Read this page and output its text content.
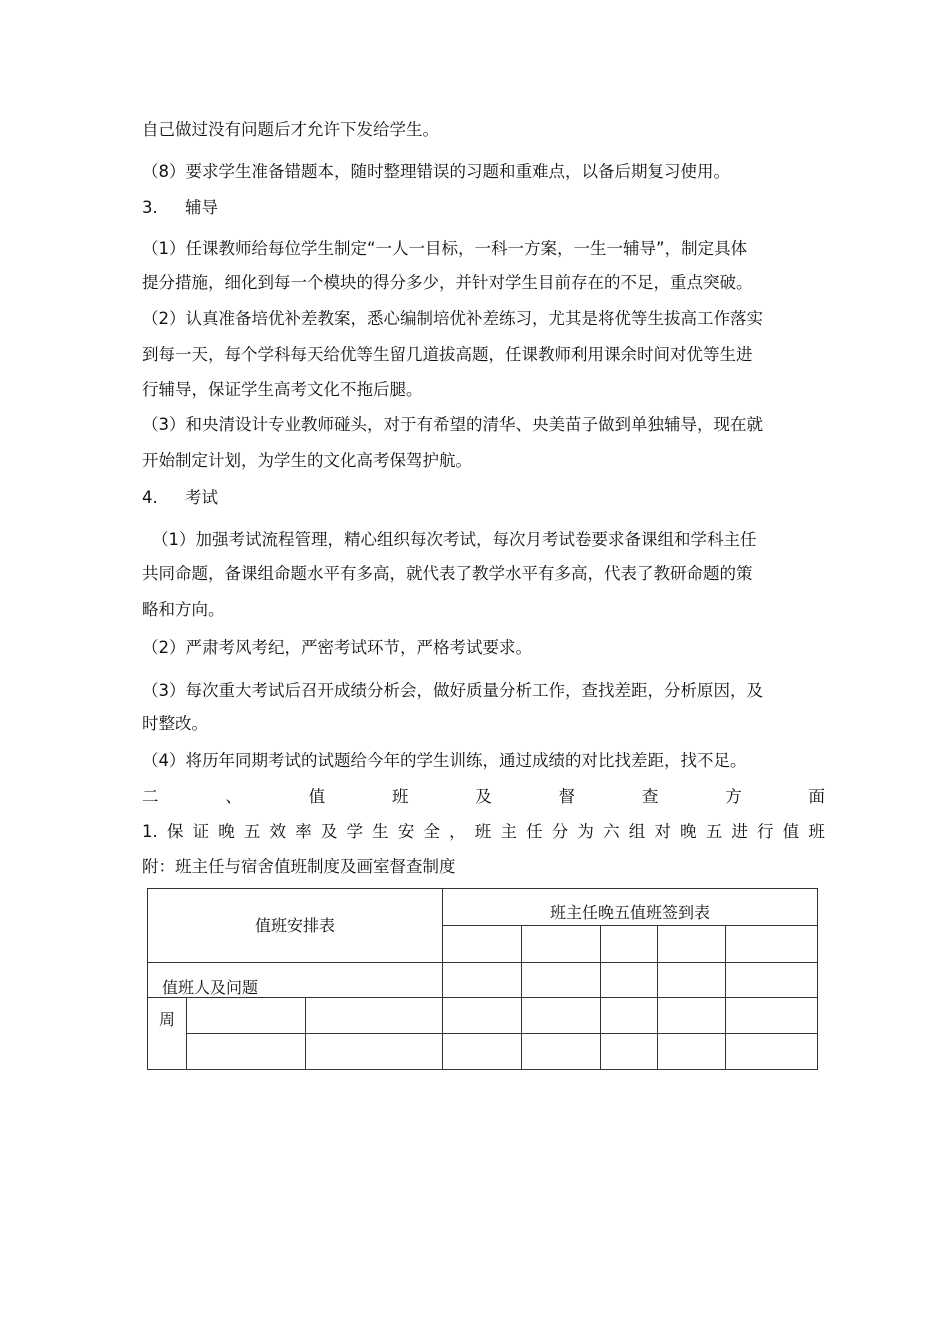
自己做过没有问题后才允许下发给学生。
（8）要求学生准备错题本，随时整理错误的习题和重难点，以备后期复习使用。
3. 辅导
（1）任课教师给每位学生制定“一人一目标，一科一方案，一生一辅导”，制定具体
提分措施，细化到每一个模块的得分多少，并针对学生目前存在的不足，重点突破。
（2）认真准备培优补差教案，悉心编制培优补差练习，尤其是将优等生拔高工作落实
到每一天，每个学科每天给优等生留几道拔高题，任课教师利用课余时间对优等生进
行辅导，保证学生高考文化不拖后腿。
（3）和央清设计专业教师碰头，对于有希望的清华、央美苗子做到单独辅导，现在就
开始制定计划，为学生的文化高考保驾护航。
4. 考试
（1）加强考试流程管理，精心组织每次考试，每次月考试卷要求备课组和学科主任
共同命题，备课组命题水平有多高，就代表了教学水平有多高，代表了教研命题的策
略和方向。
（2）严肃考风考纪，严密考试环节，严格考试要求。
（3）每次重大考试后召开成绩分析会，做好质量分析工作，查找差距，分析原因，及
时整改。
（4）将历年同期考试的试题给今年的学生训练，通过成绩的对比找差距，找不足。
二	、	值	班	及	督	查	方	面
1. 保 证 晚 五 效 率 及 学 生 安 全 ， 班 主 任 分 为 六 组 对 晚 五 进 行 值 班
附：班主任与宿舍值班制度及画室督查制度
值班安排表			班主任晚五值班签到表				

值班人及问题							
周							
